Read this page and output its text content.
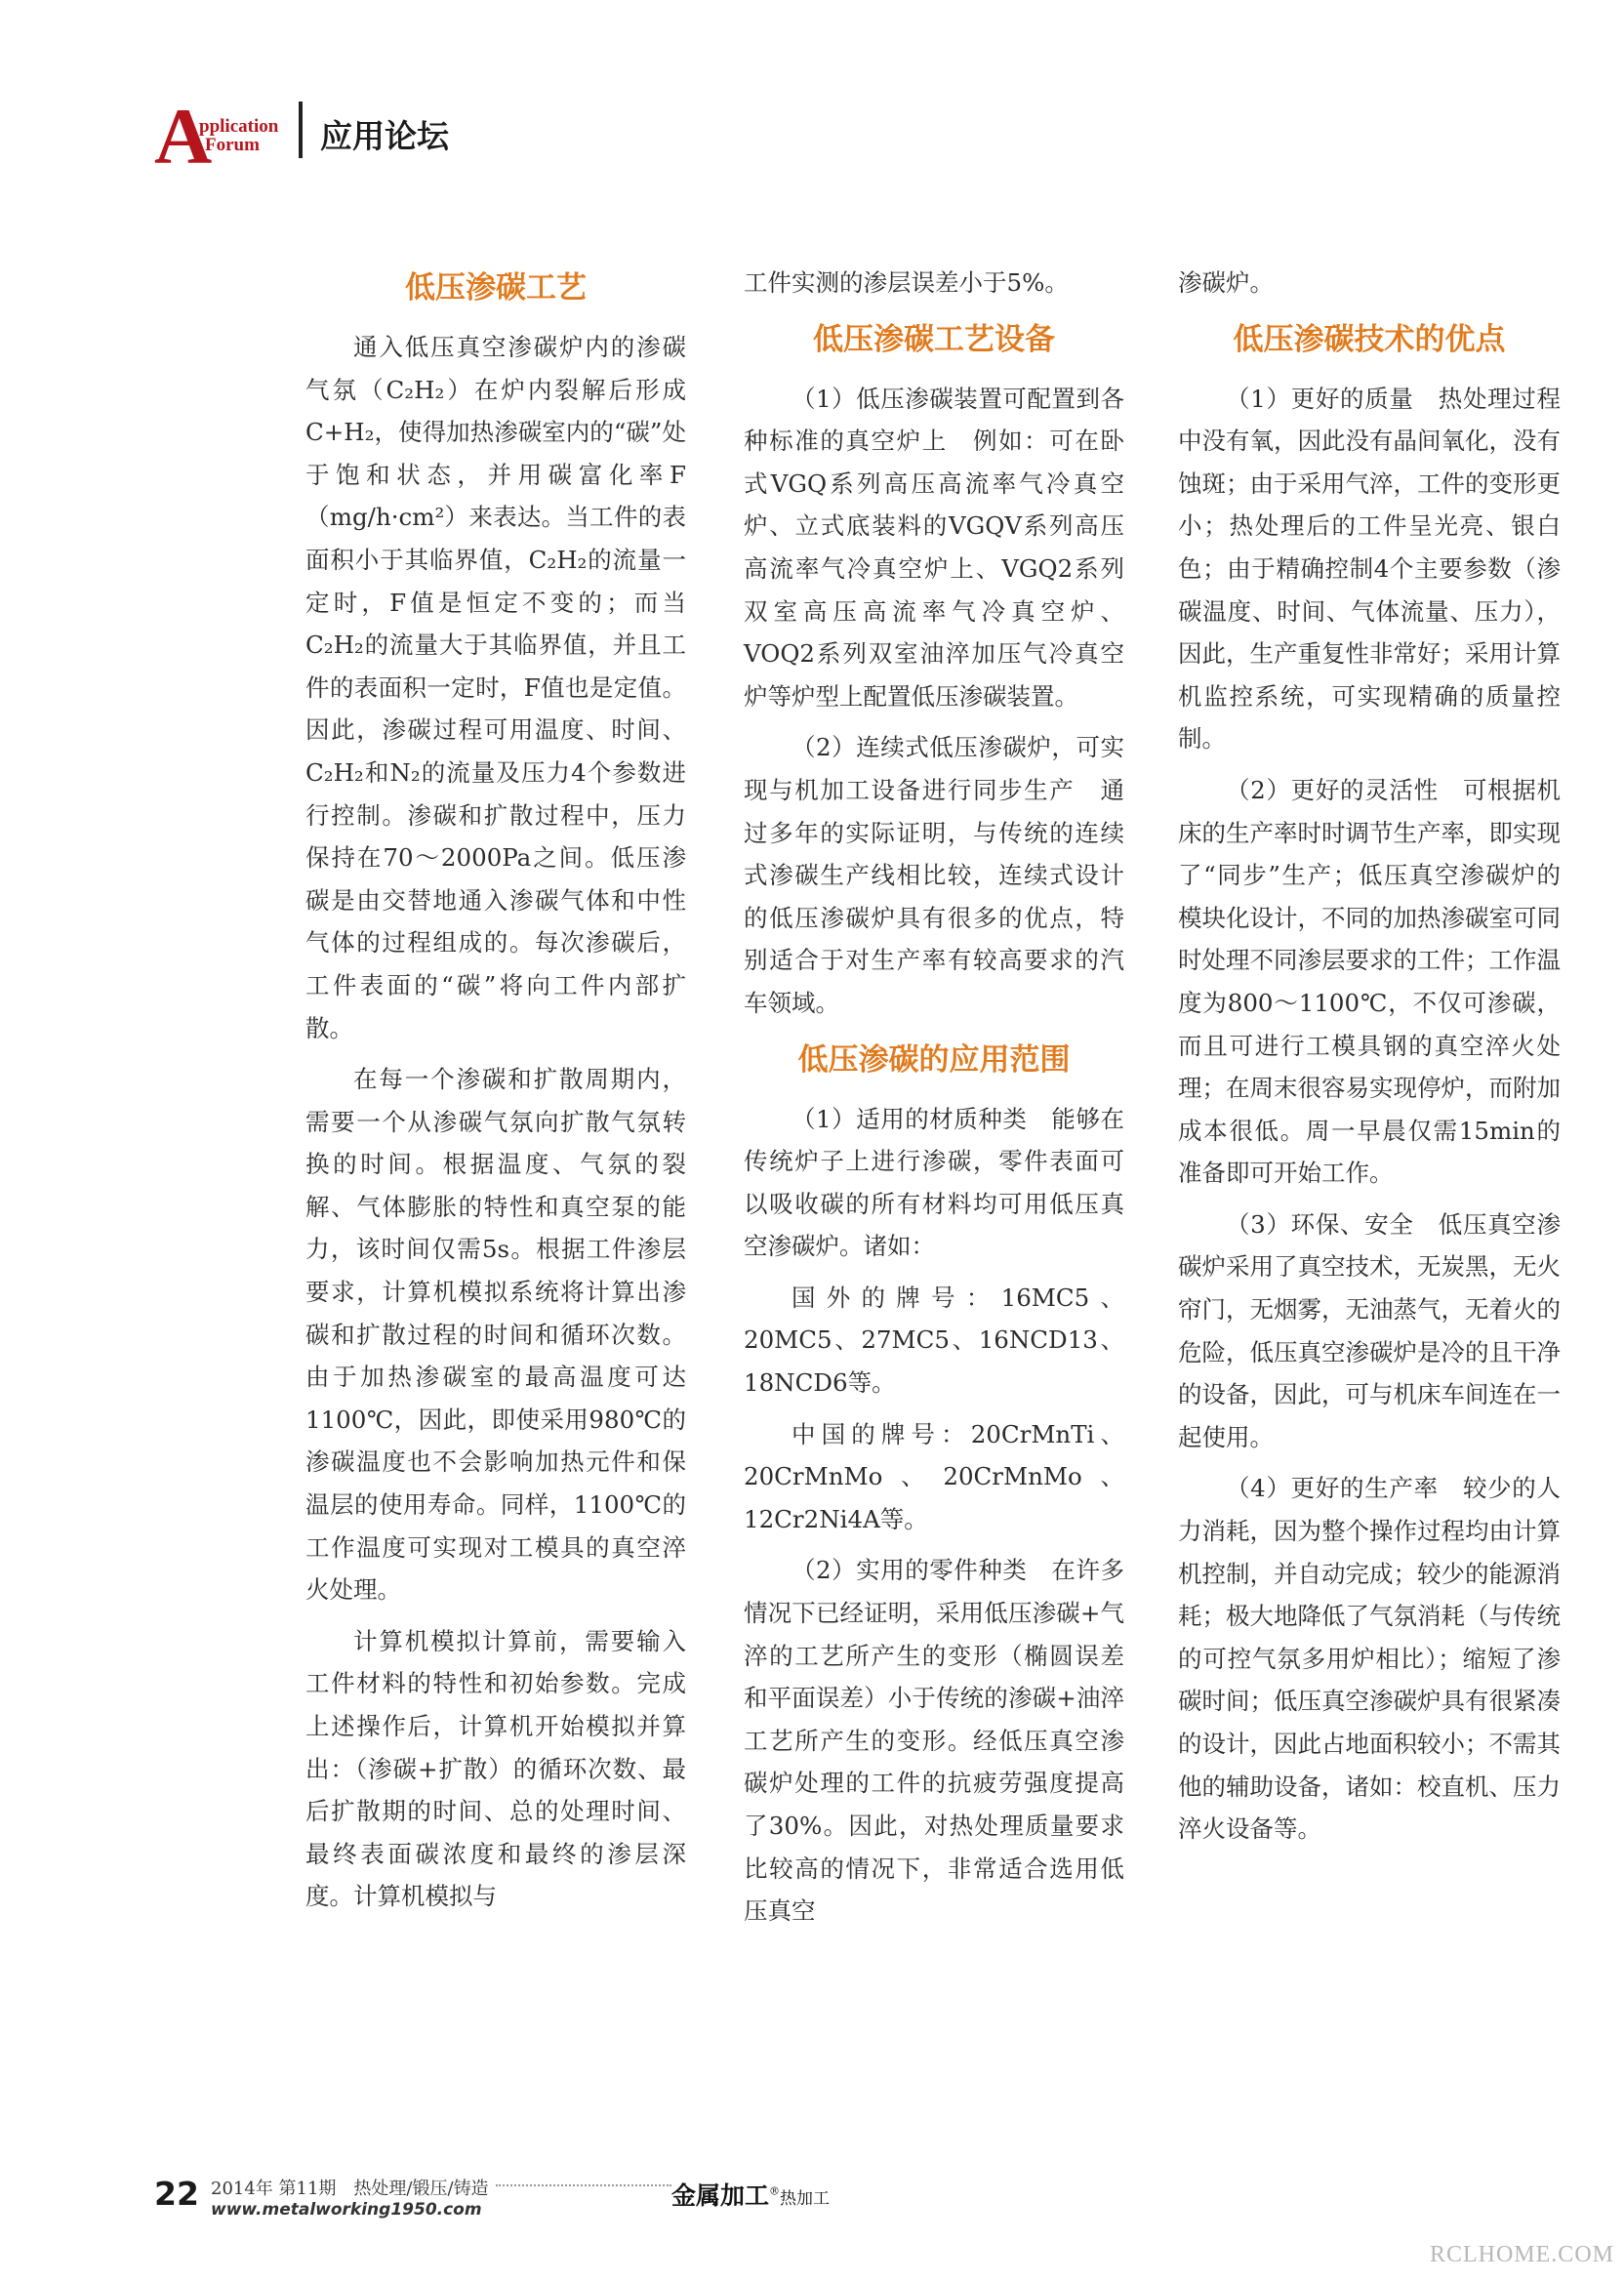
A
pplication
Forum	应用论坛
低压渗碳工艺

通入低压真空渗碳炉内的渗碳气氛（C₂H₂）在炉内裂解后形成C+H₂，使得加热渗碳室内的“碳”处于饱和状态，并用碳富化率F（mg/h·cm²）来表达。当工件的表面积小于其临界值，C₂H₂的流量一定时，F值是恒定不变的；而当C₂H₂的流量大于其临界值，并且工件的表面积一定时，F值也是定值。因此，渗碳过程可用温度、时间、C₂H₂和N₂的流量及压力4个参数进行控制。渗碳和扩散过程中，压力保持在70～2000Pa之间。低压渗碳是由交替地通入渗碳气体和中性气体的过程组成的。每次渗碳后，工件表面的“碳”将向工件内部扩散。

在每一个渗碳和扩散周期内，需要一个从渗碳气氛向扩散气氛转换的时间。根据温度、气氛的裂解、气体膨胀的特性和真空泵的能力，该时间仅需5s。根据工件渗层要求，计算机模拟系统将计算出渗碳和扩散过程的时间和循环次数。由于加热渗碳室的最高温度可达1100℃，因此，即使采用980℃的渗碳温度也不会影响加热元件和保温层的使用寿命。同样，1100℃的工作温度可实现对工模具的真空淬火处理。

计算机模拟计算前，需要输入工件材料的特性和初始参数。完成上述操作后，计算机开始模拟并算出：（渗碳+扩散）的循环次数、最后扩散期的时间、总的处理时间、最终表面碳浓度和最终的渗层深度。计算机模拟与

工件实测的渗层误差小于5%。

低压渗碳工艺设备

（1）低压渗碳装置可配置到各种标准的真空炉上　例如：可在卧式VGQ系列高压高流率气冷真空炉、立式底装料的VGQV系列高压高流率气冷真空炉上、VGQ2系列双室高压高流率气冷真空炉、VOQ2系列双室油淬加压气冷真空炉等炉型上配置低压渗碳装置。

（2）连续式低压渗碳炉，可实现与机加工设备进行同步生产　通过多年的实际证明，与传统的连续式渗碳生产线相比较，连续式设计的低压渗碳炉具有很多的优点，特别适合于对生产率有较高要求的汽车领域。

低压渗碳的应用范围

（1）适用的材质种类　能够在传统炉子上进行渗碳，零件表面可以吸收碳的所有材料均可用低压真空渗碳炉。诸如：

国外的牌号：16MC5、20MC5、27MC5、16NCD13、18NCD6等。

中国的牌号：20CrMnTi、20CrMnMo、20CrMnMo、12Cr2Ni4A等。

（2）实用的零件种类　在许多情况下已经证明，采用低压渗碳+气淬的工艺所产生的变形（椭圆误差和平面误差）小于传统的渗碳+油淬工艺所产生的变形。经低压真空渗碳炉处理的工件的抗疲劳强度提高了30%。因此，对热处理质量要求比较高的情况下，非常适合选用低压真空

渗碳炉。

低压渗碳技术的优点

（1）更好的质量　热处理过程中没有氧，因此没有晶间氧化，没有蚀斑；由于采用气淬，工件的变形更小；热处理后的工件呈光亮、银白色；由于精确控制4个主要参数（渗碳温度、时间、气体流量、压力），因此，生产重复性非常好；采用计算机监控系统，可实现精确的质量控制。

（2）更好的灵活性　可根据机床的生产率时时调节生产率，即实现了“同步”生产；低压真空渗碳炉的模块化设计，不同的加热渗碳室可同时处理不同渗层要求的工件；工作温度为800～1100℃，不仅可渗碳，而且可进行工模具钢的真空淬火处理；在周末很容易实现停炉，而附加成本很低。周一早晨仅需15min的准备即可开始工作。

（3）环保、安全　低压真空渗碳炉采用了真空技术，无炭黑，无火帘门，无烟雾，无油蒸气，无着火的危险，低压真空渗碳炉是冷的且干净的设备，因此，可与机床车间连在一起使用。

（4）更好的生产率　较少的人力消耗，因为整个操作过程均由计算机控制，并自动完成；较少的能源消耗；极大地降低了气氛消耗（与传统的可控气氛多用炉相比）；缩短了渗碳时间；低压真空渗碳炉具有很紧凑的设计，因此占地面积较小；不需其他的辅助设备，诸如：校直机、压力淬火设备等。

22 2014年 第11期　热处理/锻压/铸造
www.metalworking1950.com	金属加工®热加工
RCLHOME.COM
